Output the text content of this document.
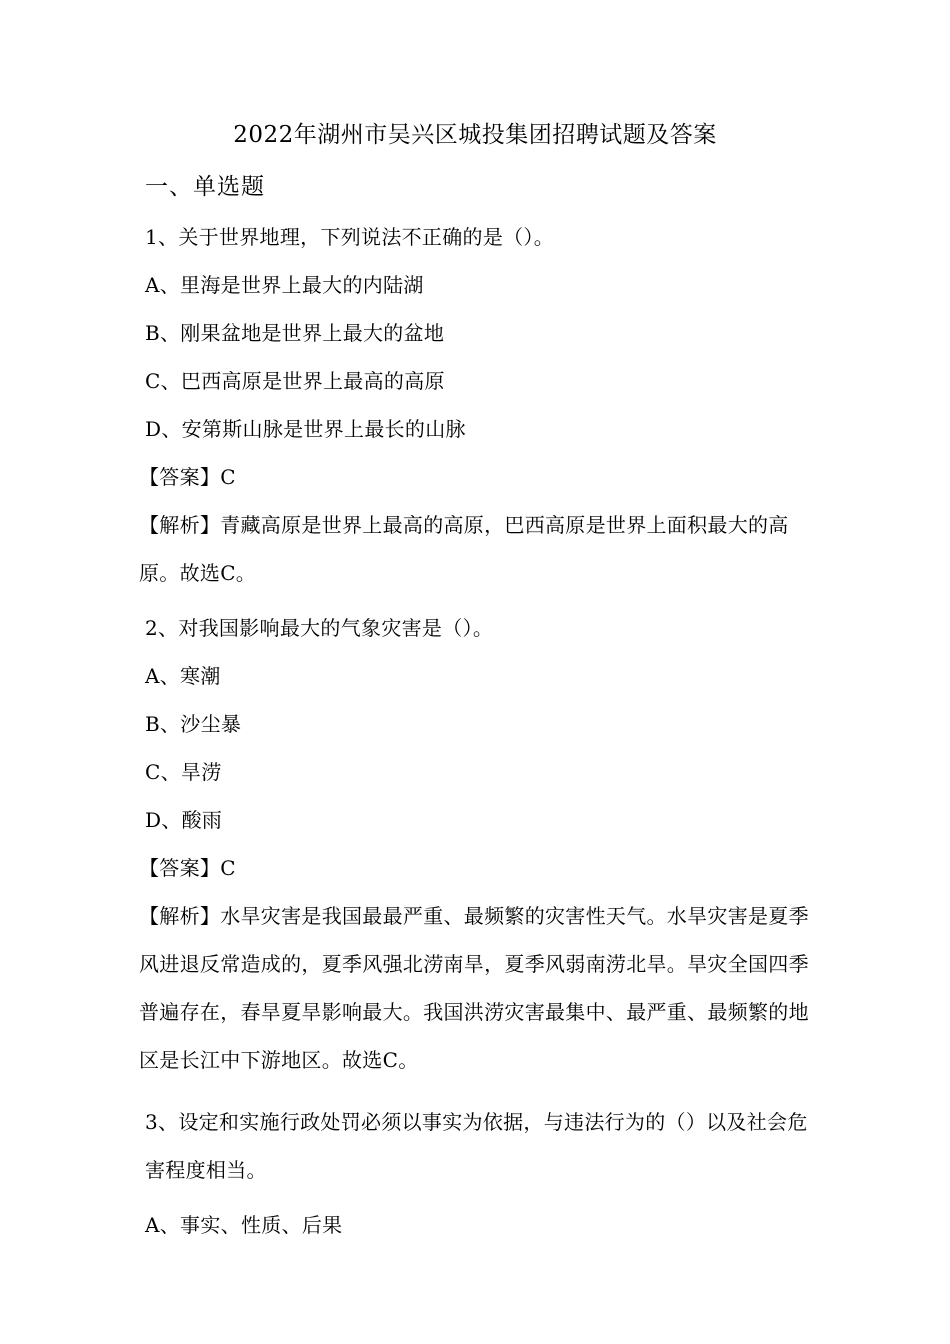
2022年湖州市吴兴区城投集团招聘试题及答案
一、单选题
1、关于世界地理，下列说法不正确的是（）。
A、里海是世界上最大的内陆湖
B、刚果盆地是世界上最大的盆地
C、巴西高原是世界上最高的高原
D、安第斯山脉是世界上最长的山脉
【答案】C
【解析】青藏高原是世界上最高的高原，巴西高原是世界上面积最大的高原。故选C。
2、对我国影响最大的气象灾害是（）。
A、寒潮
B、沙尘暴
C、旱涝
D、酸雨
【答案】C
【解析】水旱灾害是我国最最严重、最频繁的灾害性天气。水旱灾害是夏季风进退反常造成的，夏季风强北涝南旱，夏季风弱南涝北旱。旱灾全国四季普遍存在，春旱夏旱影响最大。我国洪涝灾害最集中、最严重、最频繁的地区是长江中下游地区。故选C。
3、设定和实施行政处罚必须以事实为依据，与违法行为的（）以及社会危害程度相当。
A、事实、性质、后果
